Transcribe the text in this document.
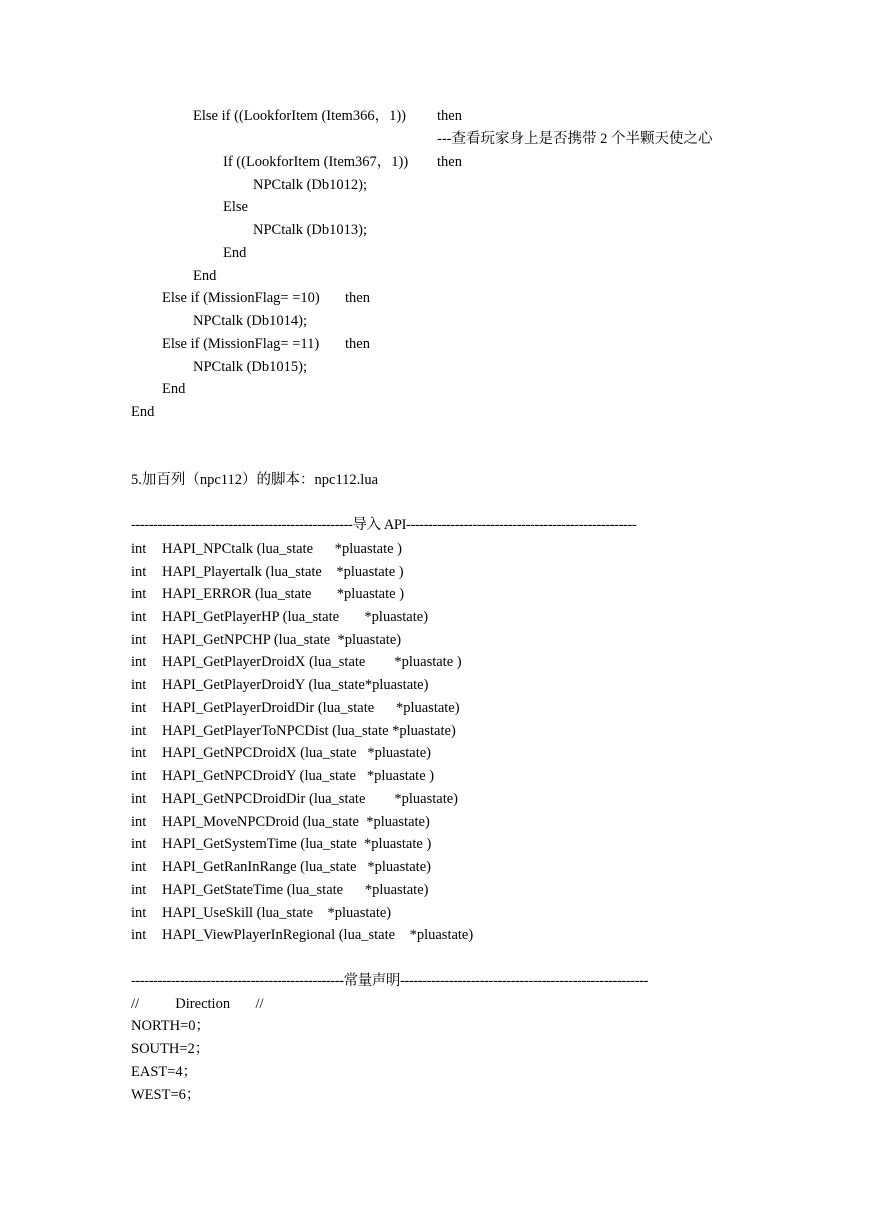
Else if ((LookforItem (Item366，1)) then
---查看玩家身上是否携带 2 个半颗天使之心
If ((LookforItem (Item367，1)) then
NPCtalk (Db1012);
Else
NPCtalk (Db1013);
End
End
Else if (MissionFlag= =10) then
NPCtalk (Db1014);
Else if (MissionFlag= =11) then
NPCtalk (Db1015);
End
End
5.加百列（npc112）的脚本：npc112.lua
--------------------------------------------------导入 API----------------------------------------------------
int HAPI_NPCtalk (lua_state      *pluastate )
int HAPI_Playertalk (lua_state    *pluastate )
int HAPI_ERROR (lua_state       *pluastate )
int HAPI_GetPlayerHP (lua_state       *pluastate)
int HAPI_GetNPCHP (lua_state  *pluastate)
int HAPI_GetPlayerDroidX (lua_state        *pluastate )
int HAPI_GetPlayerDroidY (lua_state*pluastate)
int HAPI_GetPlayerDroidDir (lua_state      *pluastate)
int HAPI_GetPlayerToNPCDist (lua_state *pluastate)
int HAPI_GetNPCDroidX (lua_state   *pluastate)
int HAPI_GetNPCDroidY (lua_state   *pluastate )
int HAPI_GetNPCDroidDir (lua_state        *pluastate)
int HAPI_MoveNPCDroid (lua_state  *pluastate)
int HAPI_GetSystemTime (lua_state  *pluastate )
int HAPI_GetRanInRange (lua_state   *pluastate)
int HAPI_GetStateTime (lua_state      *pluastate)
int HAPI_UseSkill (lua_state    *pluastate)
int HAPI_ViewPlayerInRegional (lua_state    *pluastate)
------------------------------------------------常量声明--------------------------------------------------------
//          Direction       //
NORTH=0；
SOUTH=2；
EAST=4；
WEST=6；
